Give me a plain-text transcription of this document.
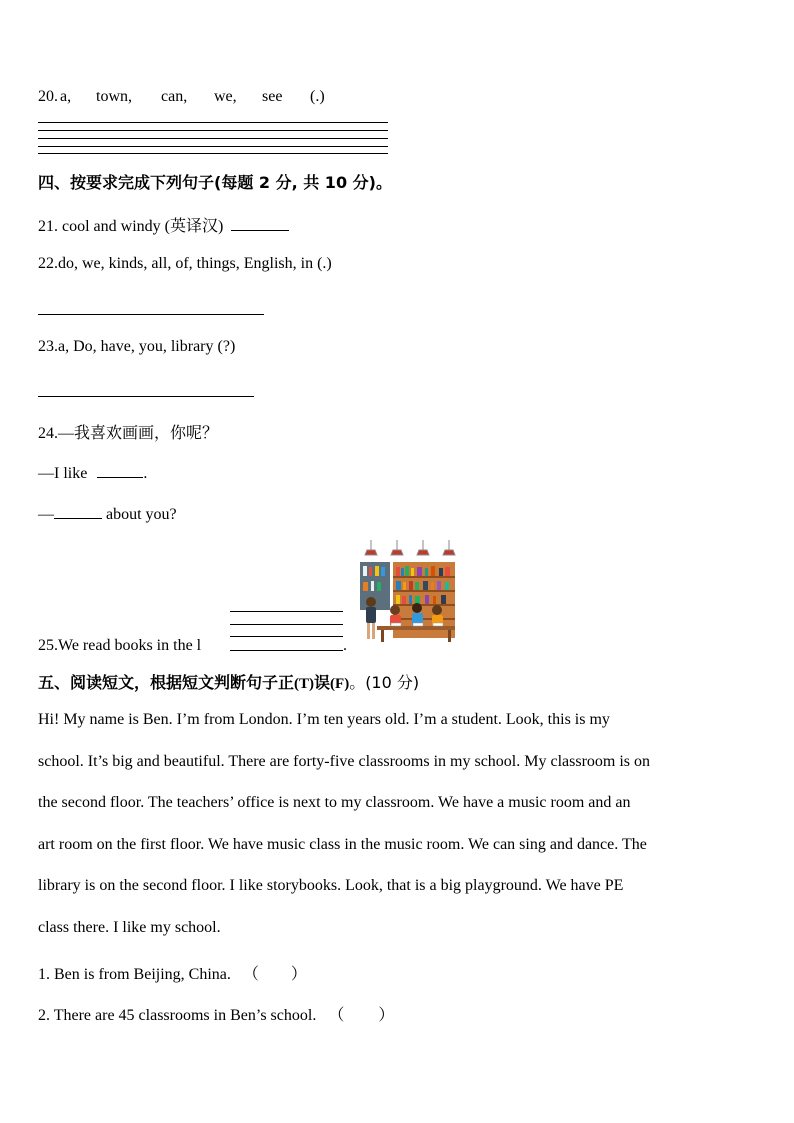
20. a, town, can, we, see (.)
四、按要求完成下列句子(每题 2 分, 共 10 分)。
21. cool and windy (英译汉)
22.do, we, kinds, all, of, things, English, in (.)
23.a, Do, have, you, library (?)
24.—我喜欢画画，你呢？
—I like	.
—	about you?
25.We read books in the l	.
五、阅读短文，根据短文判断句子正(T)误(F)。(10 分)
Hi! My name is Ben. I’m from London. I’m ten years old. I’m a student. Look, this is my
school. It’s big and beautiful. There are forty-five classrooms in my school. My classroom is on
the second floor. The teachers’ office is next to my classroom. We have a music room and an
art room on the first floor. We have music class in the music room. We can sing and dance. The
library is on the second floor. I like storybooks. Look, that is a big playground. We have PE
class there. I like my school.
1. Ben is from Beijing, China. （ ）
2. There are 45 classrooms in Ben’s school. （ ）
